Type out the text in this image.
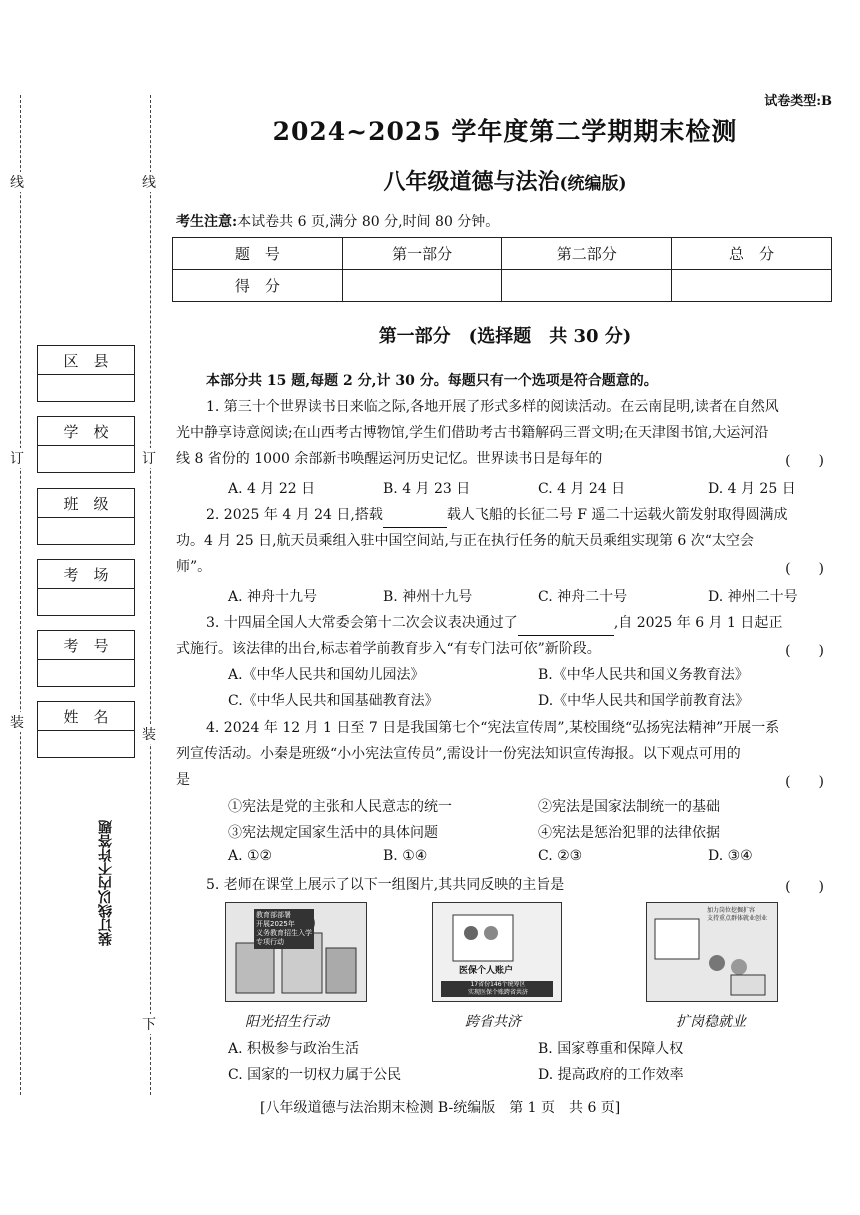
线
订
装
线
订
装
下
区　县
学　校
班　级
考　场
考　号
姓　名
装订线以内不许答题
试卷类型:B
2024~2025 学年度第二学期期末检测
八年级道德与法治(统编版)
考生注意:本试卷共 6 页,满分 80 分,时间 80 分钟。
题　号	第一部分	第二部分	总　分
得　分			
第一部分　(选择题　共 30 分)
本部分共 15 题,每题 2 分,计 30 分。每题只有一个选项是符合题意的。
1. 第三十个世界读书日来临之际,各地开展了形式多样的阅读活动。在云南昆明,读者在自然风
光中静享诗意阅读;在山西考古博物馆,学生们借助考古书籍解码三晋文明;在天津图书馆,大运河沿
线 8 省份的 1000 余部新书唤醒运河历史记忆。世界读书日是每年的	(　　)
A. 4 月 22 日	B. 4 月 23 日	C. 4 月 24 日	D. 4 月 25 日
2. 2025 年 4 月 24 日,搭载	载人飞船的长征二号 F 遥二十运载火箭发射取得圆满成
功。4 月 25 日,航天员乘组入驻中国空间站,与正在执行任务的航天员乘组实现第 6 次“太空会
师”。	(　　)
A. 神舟十九号	B. 神州十九号	C. 神舟二十号	D. 神州二十号
3. 十四届全国人大常委会第十二次会议表决通过了	,自 2025 年 6 月 1 日起正
式施行。该法律的出台,标志着学前教育步入“有专门法可依”新阶段。	(　　)
A.《中华人民共和国幼儿园法》	B.《中华人民共和国义务教育法》
C.《中华人民共和国基础教育法》	D.《中华人民共和国学前教育法》
4. 2024 年 12 月 1 日至 7 日是我国第七个“宪法宣传周”,某校围绕“弘扬宪法精神”开展一系
列宣传活动。小秦是班级“小小宪法宣传员”,需设计一份宪法知识宣传海报。以下观点可用的
是	(　　)
①宪法是党的主张和人民意志的统一	②宪法是国家法制统一的基础
③宪法规定国家生活中的具体问题	④宪法是惩治犯罪的法律依据
A. ①②	B. ①④	C. ②③	D. ③④
5. 老师在课堂上展示了以下一组图片,其共同反映的主旨是	(　　)
教育部部署
开展2025年
义务教育招生入学
专项行动
阳光招生行动
医保个人账户
17省份146个统筹区
实现医保个账跨省共济
跨省共济
加力岗位挖掘扩容
支持重点群体就业创业
扩岗稳就业
A. 积极参与政治生活	B. 国家尊重和保障人权
C. 国家的一切权力属于公民	D. 提高政府的工作效率
[八年级道德与法治期末检测 B-统编版　第 1 页　共 6 页]
